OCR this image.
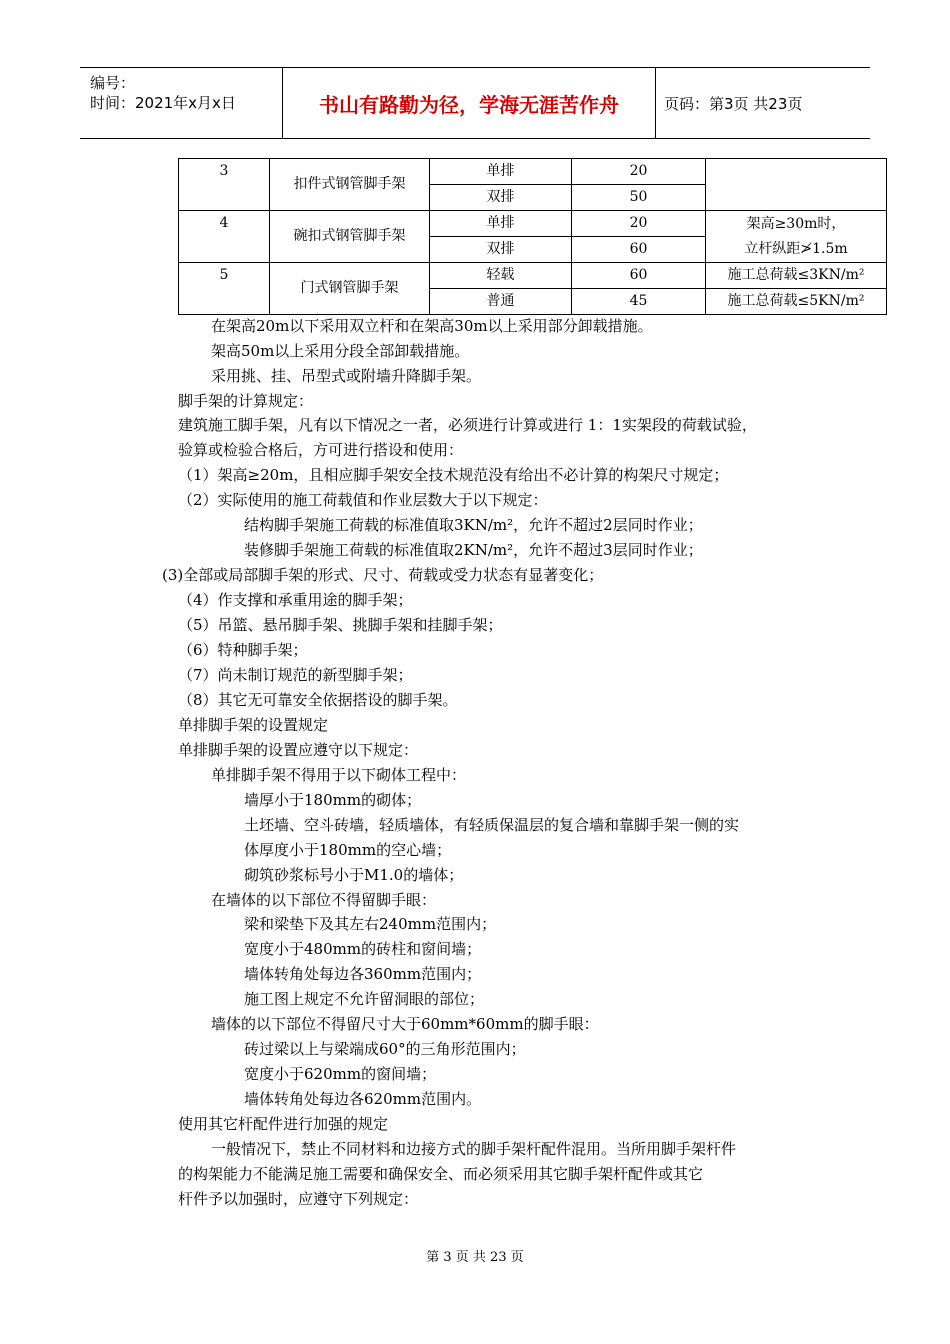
编号：
时间：2021年x月x日	书山有路勤为径，学海无涯苦作舟	页码：第3页 共23页
3	扣件式钢管脚手架	单排	20	
		双排	50	
4	碗扣式钢管脚手架	单排	20	架高≥30m时，
立杆纵距≯1.5m

		双排	60	
5	门式钢管脚手架	轻载	60	施工总荷载≤3KN/m²
		普通	45	施工总荷载≤5KN/m²
在架高20m以下采用双立杆和在架高30m以上采用部分卸载措施。
架高50m以上采用分段全部卸载措施。
采用挑、挂、吊型式或附墙升降脚手架。
脚手架的计算规定：
建筑施工脚手架，凡有以下情况之一者，必须进行计算或进行 1：1实架段的荷载试验，
验算或检验合格后，方可进行搭设和使用：
（1）架高≥20m，且相应脚手架安全技术规范没有给出不必计算的构架尺寸规定；
（2）实际使用的施工荷载值和作业层数大于以下规定：
结构脚手架施工荷载的标准值取3KN/m²，允许不超过2层同时作业；
装修脚手架施工荷载的标准值取2KN/m²，允许不超过3层同时作业；
(3)全部或局部脚手架的形式、尺寸、荷载或受力状态有显著变化；
（4）作支撑和承重用途的脚手架；
（5）吊篮、悬吊脚手架、挑脚手架和挂脚手架；
（6）特种脚手架；
（7）尚未制订规范的新型脚手架；
（8）其它无可靠安全依据搭设的脚手架。
单排脚手架的设置规定
单排脚手架的设置应遵守以下规定：
单排脚手架不得用于以下砌体工程中：
墙厚小于180mm的砌体；
土坯墙、空斗砖墙，轻质墙体，有轻质保温层的复合墙和靠脚手架一侧的实
体厚度小于180mm的空心墙；
砌筑砂浆标号小于M1.0的墙体；
在墙体的以下部位不得留脚手眼：
梁和梁垫下及其左右240mm范围内；
宽度小于480mm的砖柱和窗间墙；
墙体转角处每边各360mm范围内；
施工图上规定不允许留洞眼的部位；
墙体的以下部位不得留尺寸大于60mm*60mm的脚手眼：
砖过梁以上与梁端成60°的三角形范围内；
宽度小于620mm的窗间墙；
墙体转角处每边各620mm范围内。
使用其它杆配件进行加强的规定
一般情况下，禁止不同材料和边接方式的脚手架杆配件混用。当所用脚手架杆件
的构架能力不能满足施工需要和确保安全、而必须采用其它脚手架杆配件或其它
杆件予以加强时，应遵守下列规定：
第 3 页 共 23 页
